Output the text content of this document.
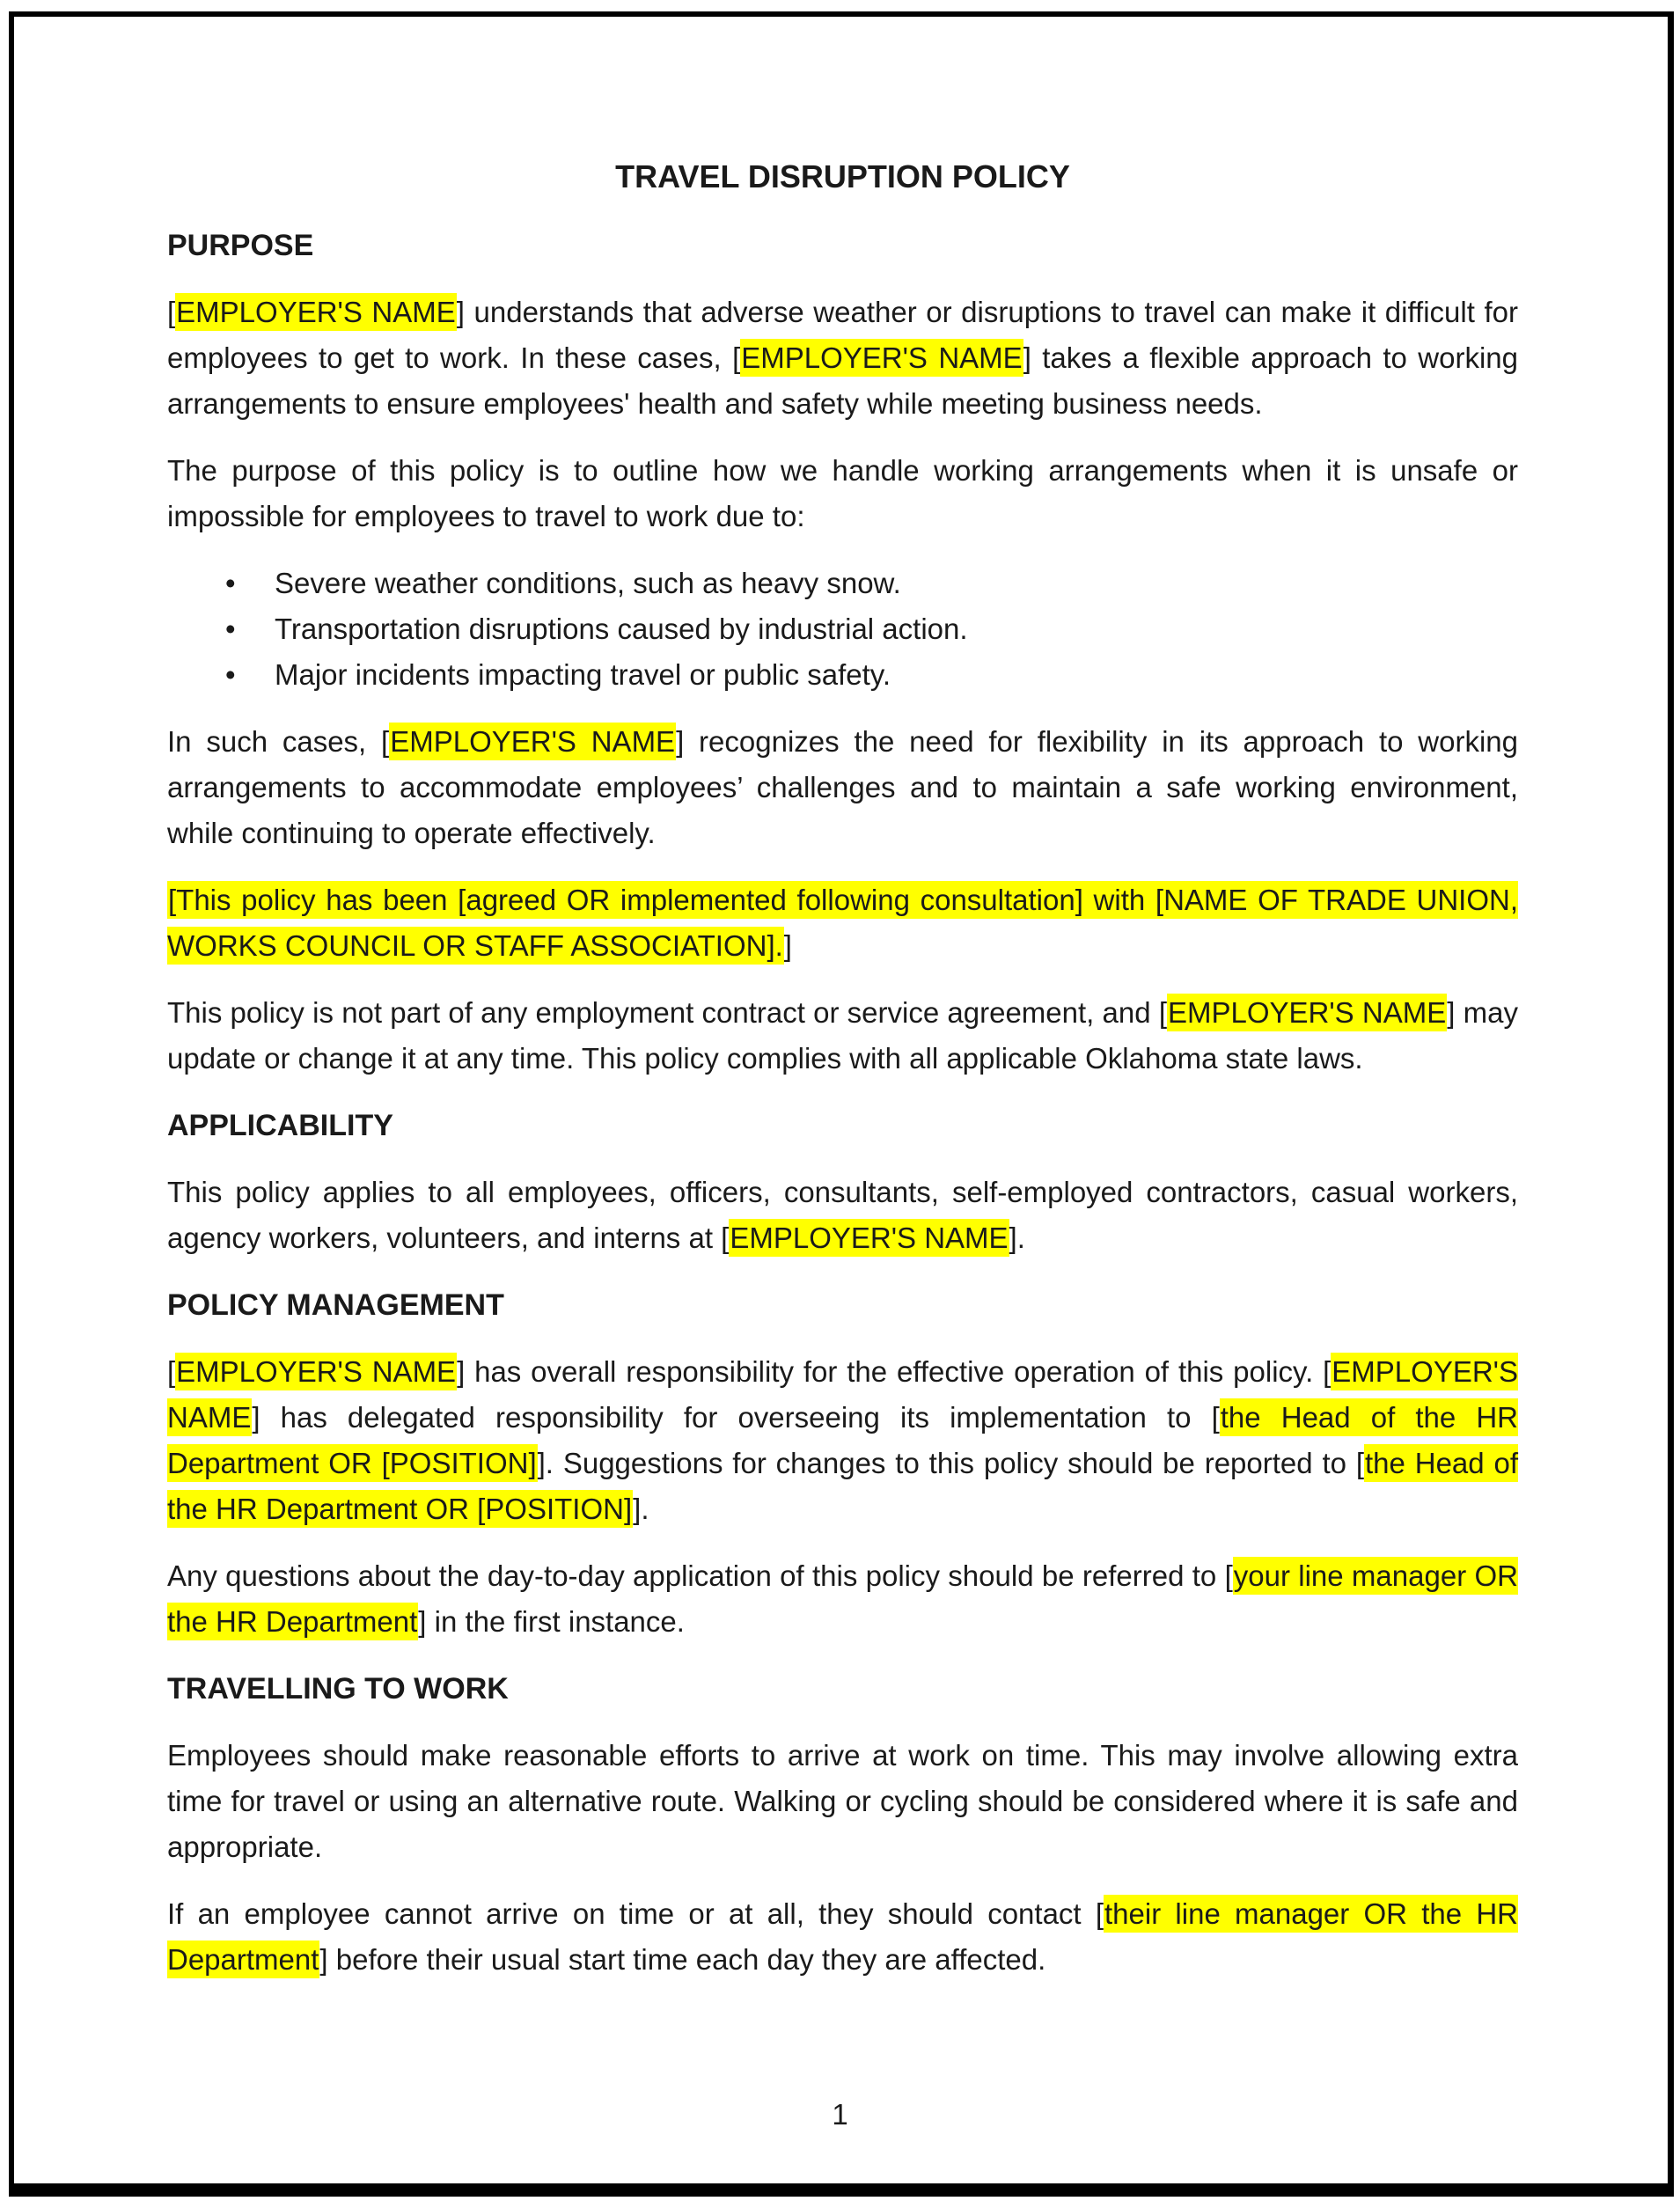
TRAVEL DISRUPTION POLICY

PURPOSE

[EMPLOYER'S NAME] understands that adverse weather or disruptions to travel can make it difficult for employees to get to work. In these cases, [EMPLOYER'S NAME] takes a flexible approach to working arrangements to ensure employees' health and safety while meeting business needs.

The purpose of this policy is to outline how we handle working arrangements when it is unsafe or impossible for employees to travel to work due to:

• Severe weather conditions, such as heavy snow.
• Transportation disruptions caused by industrial action.
• Major incidents impacting travel or public safety.

In such cases, [EMPLOYER'S NAME] recognizes the need for flexibility in its approach to working arrangements to accommodate employees’ challenges and to maintain a safe working environment, while continuing to operate effectively.

[This policy has been [agreed OR implemented following consultation] with [NAME OF TRADE UNION, WORKS COUNCIL OR STAFF ASSOCIATION].]

This policy is not part of any employment contract or service agreement, and [EMPLOYER'S NAME] may update or change it at any time. This policy complies with all applicable Oklahoma state laws.

APPLICABILITY

This policy applies to all employees, officers, consultants, self-employed contractors, casual workers, agency workers, volunteers, and interns at [EMPLOYER'S NAME].

POLICY MANAGEMENT

[EMPLOYER'S NAME] has overall responsibility for the effective operation of this policy. [EMPLOYER'S NAME] has delegated responsibility for overseeing its implementation to [the Head of the HR Department OR [POSITION]]. Suggestions for changes to this policy should be reported to [the Head of the HR Department OR [POSITION]].

Any questions about the day-to-day application of this policy should be referred to [your line manager OR the HR Department] in the first instance.

TRAVELLING TO WORK

Employees should make reasonable efforts to arrive at work on time. This may involve allowing extra time for travel or using an alternative route. Walking or cycling should be considered where it is safe and appropriate.

If an employee cannot arrive on time or at all, they should contact [their line manager OR the HR Department] before their usual start time each day they are affected.

1
